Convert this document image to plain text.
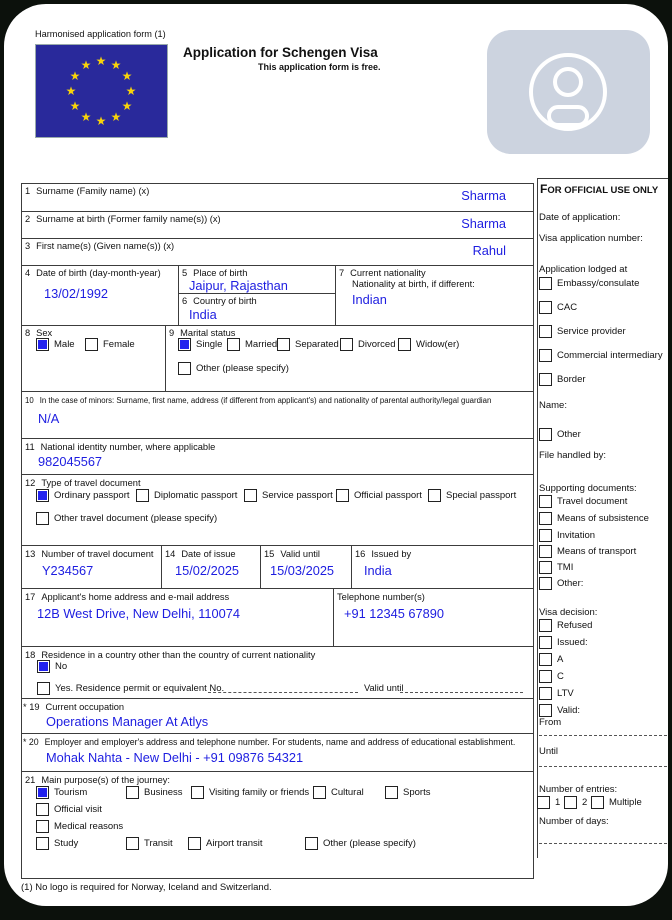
Harmonised application form (1)
★
★
★
★
★
★
★
★
★
★
★
★
Application for Schengen Visa
This application form is free.
1 Surname (Family name) (x)	Sharma
2 Surname at birth (Former family name(s)) (x)	Sharma
3 First name(s) (Given name(s)) (x)	Rahul
4 Date of birth (day-month-year)
13/02/1992
5 Place of birth
Jaipur, Rajasthan
6 Country of birth
India
7 Current nationality
Nationality at birth, if different:
Indian
8 Sex
Male	Female
9 Marital status
Single Married Separated Divorced Widow(er)
Other (please specify)
10 In the case of minors: Surname, first name, address (if different from applicant's) and nationality of parental authority/legal guardian
N/A
11 National identity number, where applicable
982045567
12 Type of travel document
Ordinary passport	Diplomatic passport	Service passport Official passport	Special passport
Other travel document (please specify)
13 Number of travel document
Y234567
14 Date of issue
15/02/2025
15 Valid until
15/03/2025
16 Issued by
India
17 Applicant's home address and e-mail address
12B West Drive, New Delhi, 110074
Telephone number(s)
+91 12345 67890
18 Residence in a country other than the country of current nationality
No
Yes. Residence permit or equivalent No.	Valid until
* 19 Current occupation
Operations Manager At Atlys
* 20 Employer and employer's address and telephone number. For students, name and address of educational establishment.
Mohak Nahta - New Delhi - +91 09876 54321
21 Main purpose(s) of the journey:
Tourism	Business	Visiting family or friends Cultural	Sports
Official visit
Medical reasons
Study	Transit	Airport transit	Other (please specify)
(1) No logo is required for Norway, Iceland and Switzerland.
FOR OFFICIAL USE ONLY
Date of application:
Visa application number:
Application lodged at
Embassy/consulate
CAC
Service provider
Commercial intermediary
Border
Name:
Other
File handled by:
Supporting documents:
Travel document
Means of subsistence
Invitation
Means of transport
TMI
Other:
Visa decision:
Refused
Issued:
A
C
LTV
Valid:
From
Until
Number of entries:
1 2 Multiple
Number of days:
